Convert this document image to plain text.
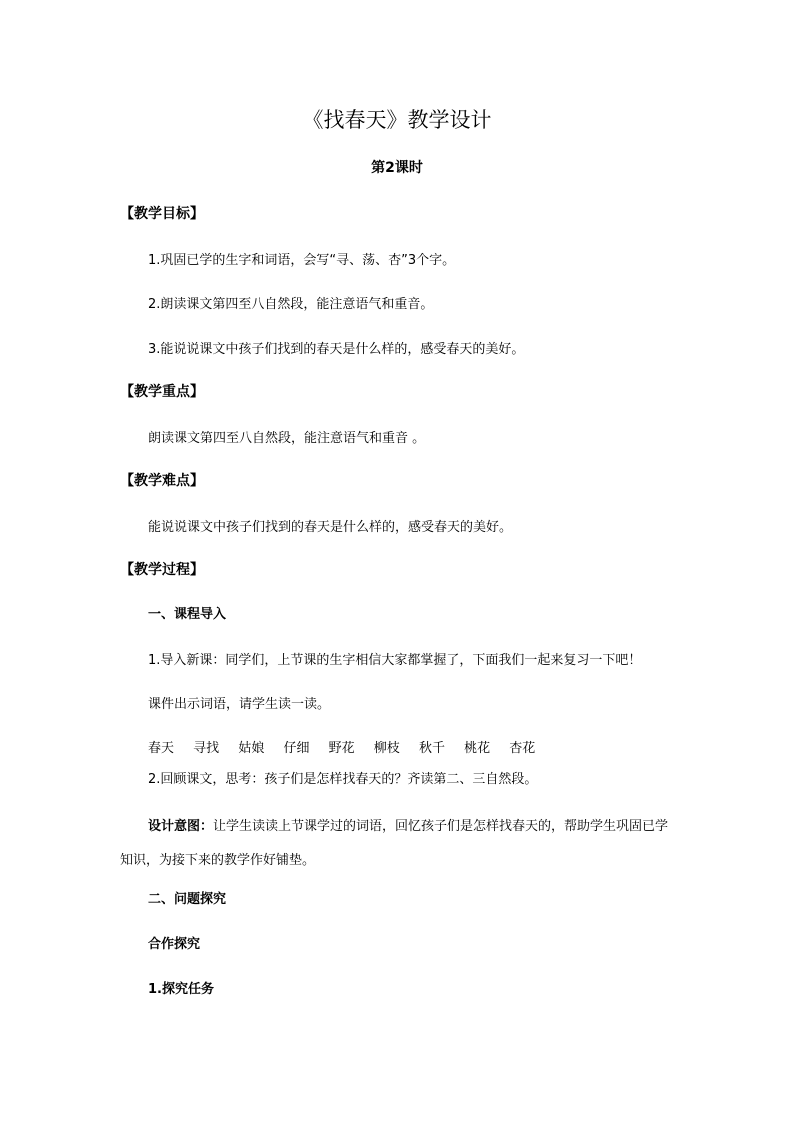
《找春天》教学设计
第2课时
【教学目标】
1.巩固已学的生字和词语，会写“寻、荡、杏”3个字。
2.朗读课文第四至八自然段，能注意语气和重音。
3.能说说课文中孩子们找到的春天是什么样的，感受春天的美好。
【教学重点】
朗读课文第四至八自然段，能注意语气和重音 。
【教学难点】
能说说课文中孩子们找到的春天是什么样的，感受春天的美好。
【教学过程】
一、课程导入
1.导入新课：同学们，上节课的生字相信大家都掌握了，下面我们一起来复习一下吧！
课件出示词语，请学生读一读。
春天 寻找 姑娘 仔细 野花 柳枝 秋千 桃花 杏花
2.回顾课文，思考：孩子们是怎样找春天的？齐读第二、三自然段。
设计意图：让学生读读上节课学过的词语，回忆孩子们是怎样找春天的，帮助学生巩固已学知识，为接下来的教学作好铺垫。
二、问题探究
合作探究
1.探究任务
